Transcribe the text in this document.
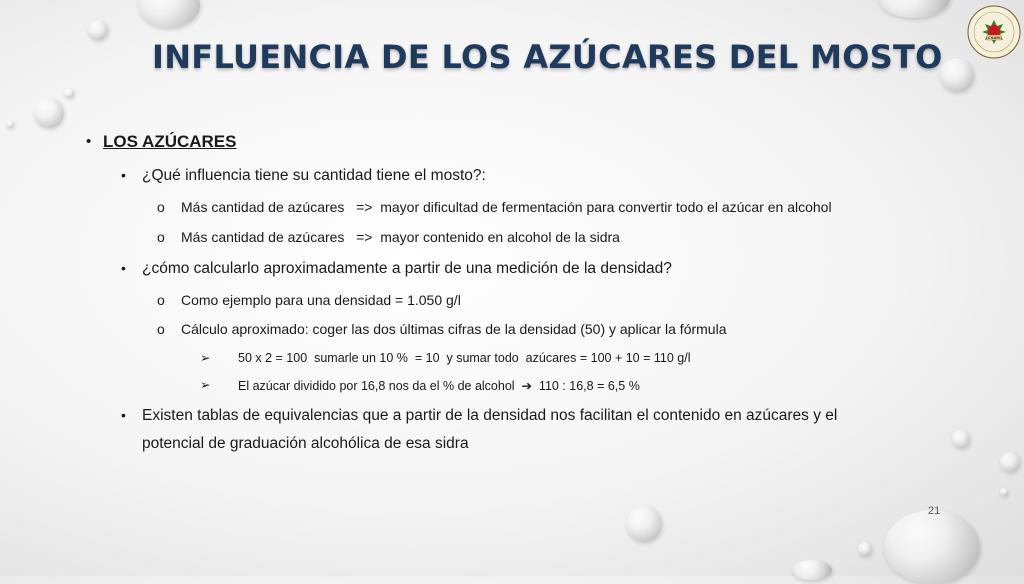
CSAM
INFLUENCIA DE LOS AZÚCARES DEL MOSTO
• LOS AZÚCARES
• ¿Qué influencia tiene su cantidad tiene el mosto?:
o Más cantidad de azúcares   =>  mayor dificultad de fermentación para convertir todo el azúcar en alcohol
o Más cantidad de azúcares   =>  mayor contenido en alcohol de la sidra
• ¿cómo calcularlo aproximadamente a partir de una medición de la densidad?
o Como ejemplo para una densidad = 1.050 g/l
o Cálculo aproximado: coger las dos últimas cifras de la densidad (50) y aplicar la fórmula
➢ 50 x 2 = 100  sumarle un 10 %  = 10  y sumar todo  azúcares = 100 + 10 = 110 g/l
➢ El azúcar dividido por 16,8 nos da el % de alcohol  ➔  110 : 16,8 = 6,5 %
• Existen tablas de equivalencias que a partir de la densidad nos facilitan el contenido en azúcares y el
potencial de graduación alcohólica de esa sidra
21
